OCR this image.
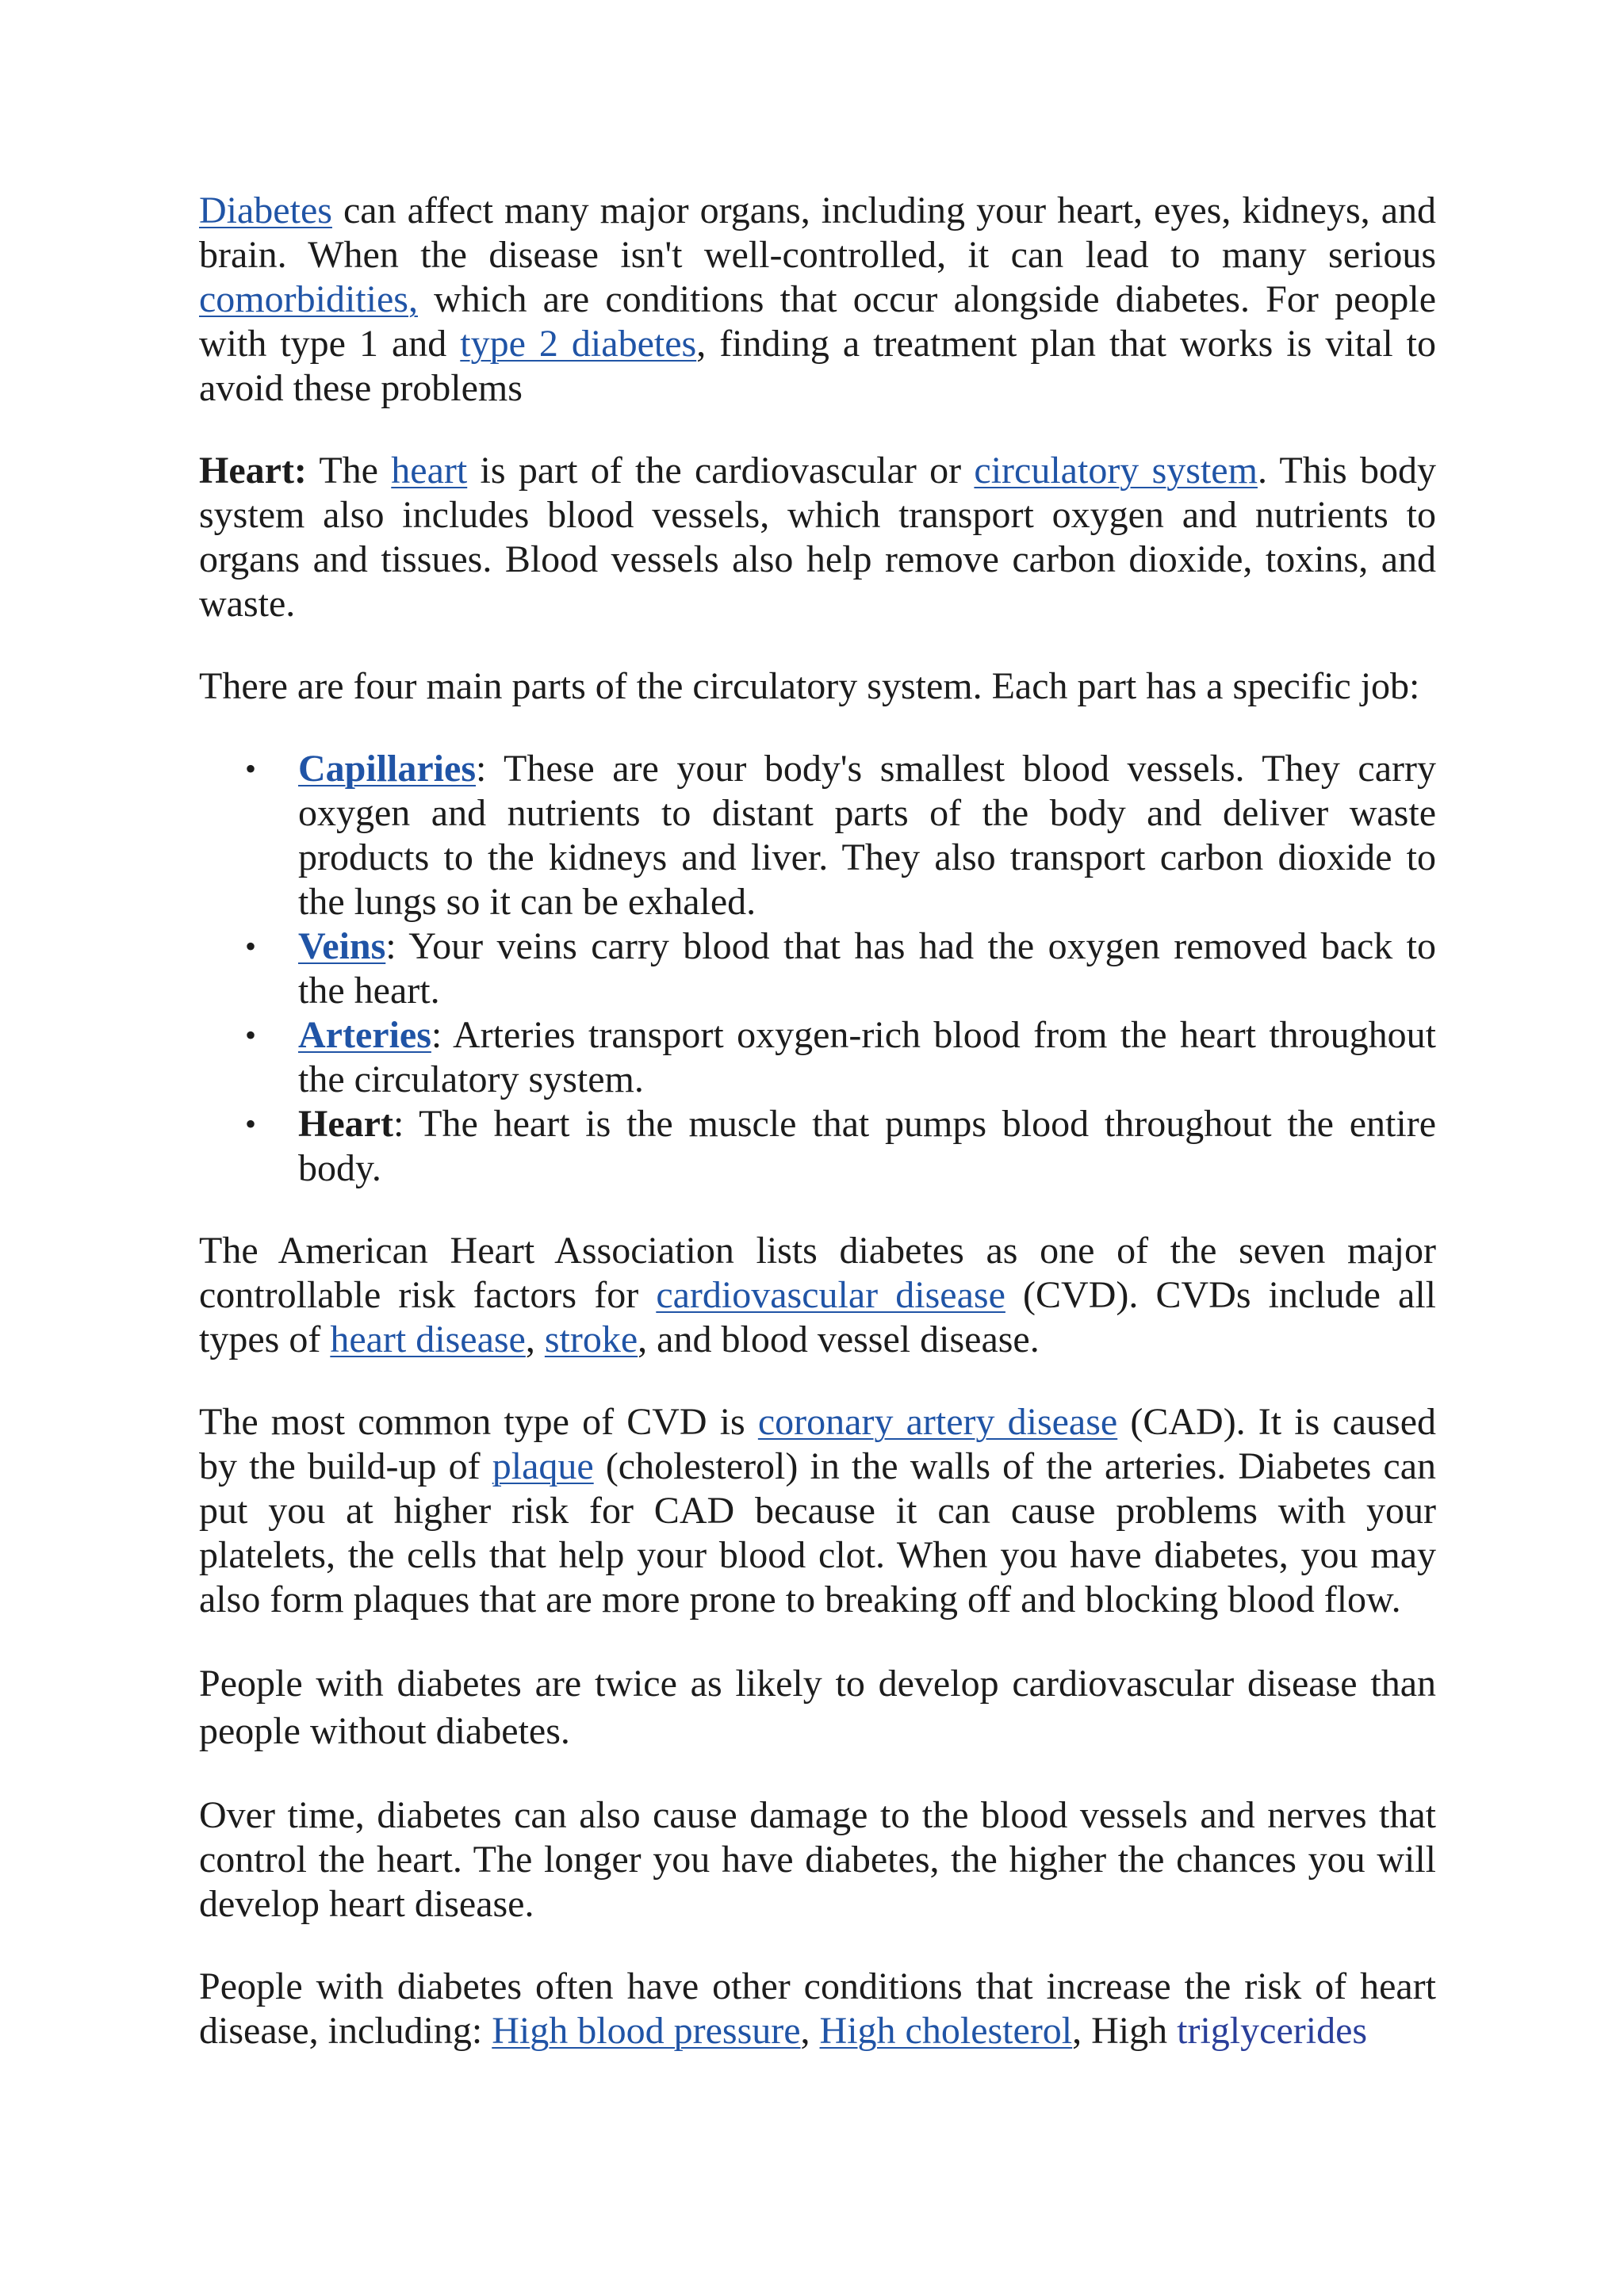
Diabetes can affect many major organs, including your heart, eyes, kidneys, and brain. When the disease isn't well-controlled, it can lead to many serious comorbidities, which are conditions that occur alongside diabetes. For people with type 1 and type 2 diabetes, finding a treatment plan that works is vital to avoid these problems

Heart: The heart is part of the cardiovascular or circulatory system. This body system also includes blood vessels, which transport oxygen and nutrients to organs and tissues. Blood vessels also help remove carbon dioxide, toxins, and waste.

There are four main parts of the circulatory system. Each part has a specific job:

• Capillaries: These are your body's smallest blood vessels. They carry oxygen and nutrients to distant parts of the body and deliver waste products to the kidneys and liver. They also transport carbon dioxide to the lungs so it can be exhaled.
• Veins: Your veins carry blood that has had the oxygen removed back to the heart.
• Arteries: Arteries transport oxygen-rich blood from the heart throughout the circulatory system.
• Heart: The heart is the muscle that pumps blood throughout the entire body.

The American Heart Association lists diabetes as one of the seven major controllable risk factors for cardiovascular disease (CVD). CVDs include all types of heart disease, stroke, and blood vessel disease.

The most common type of CVD is coronary artery disease (CAD). It is caused by the build-up of plaque (cholesterol) in the walls of the arteries. Diabetes can put you at higher risk for CAD because it can cause problems with your platelets, the cells that help your blood clot. When you have diabetes, you may also form plaques that are more prone to breaking off and blocking blood flow.

People with diabetes are twice as likely to develop cardiovascular disease than people without diabetes.

Over time, diabetes can also cause damage to the blood vessels and nerves that control the heart. The longer you have diabetes, the higher the chances you will develop heart disease.

People with diabetes often have other conditions that increase the risk of heart disease, including: High blood pressure, High cholesterol, High triglycerides
